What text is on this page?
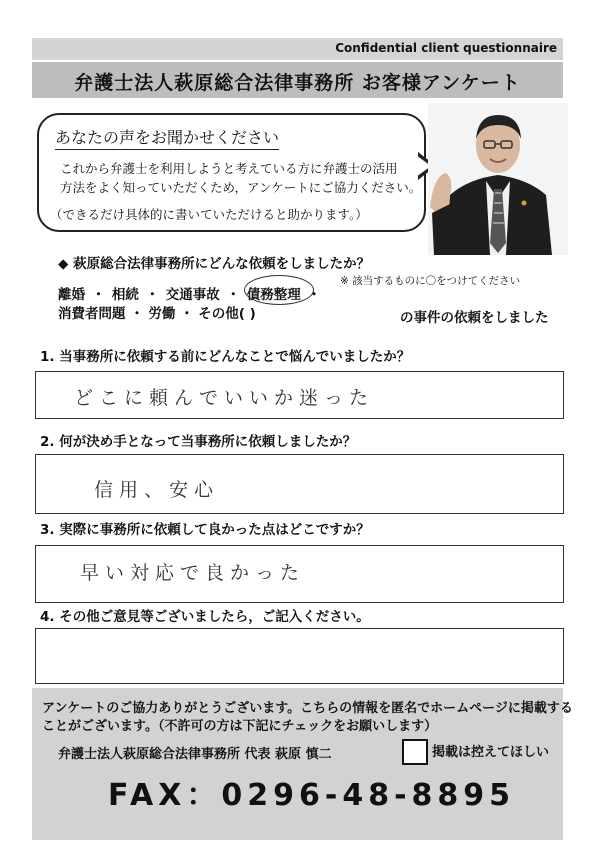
Confidential client questionnaire
弁護士法人萩原総合法律事務所 お客様アンケート
あなたの声をお聞かせください
これから弁護士を利用しようと考えている方に弁護士の活用
方法をよく知っていただくため，アンケートにご協力ください。
（できるだけ具体的に書いていただけると助かります。）
◆ 萩原総合法律事務所にどんな依頼をしましたか？
※ 該当するものに〇をつけてください
離婚 ・ 相続 ・ 交通事故 ・ 債務整理 ・
消費者問題 ・ 労働 ・ その他( )	の事件の依頼をしました
1. 当事務所に依頼する前にどんなことで悩んでいましたか？
どこに頼んでいいか迷った
2. 何が決め手となって当事務所に依頼しましたか？
信用、安心
3. 実際に事務所に依頼して良かった点はどこですか？
早い対応で良かった
4. その他ご意見等ございましたら，ご記入ください。
アンケートのご協力ありがとうございます。こちらの情報を匿名でホームページに掲載する
ことがございます。（不許可の方は下記にチェックをお願いします）
弁護士法人萩原総合法律事務所 代表 萩原 慎二	掲載は控えてほしい
FAX：0296-48-8895
